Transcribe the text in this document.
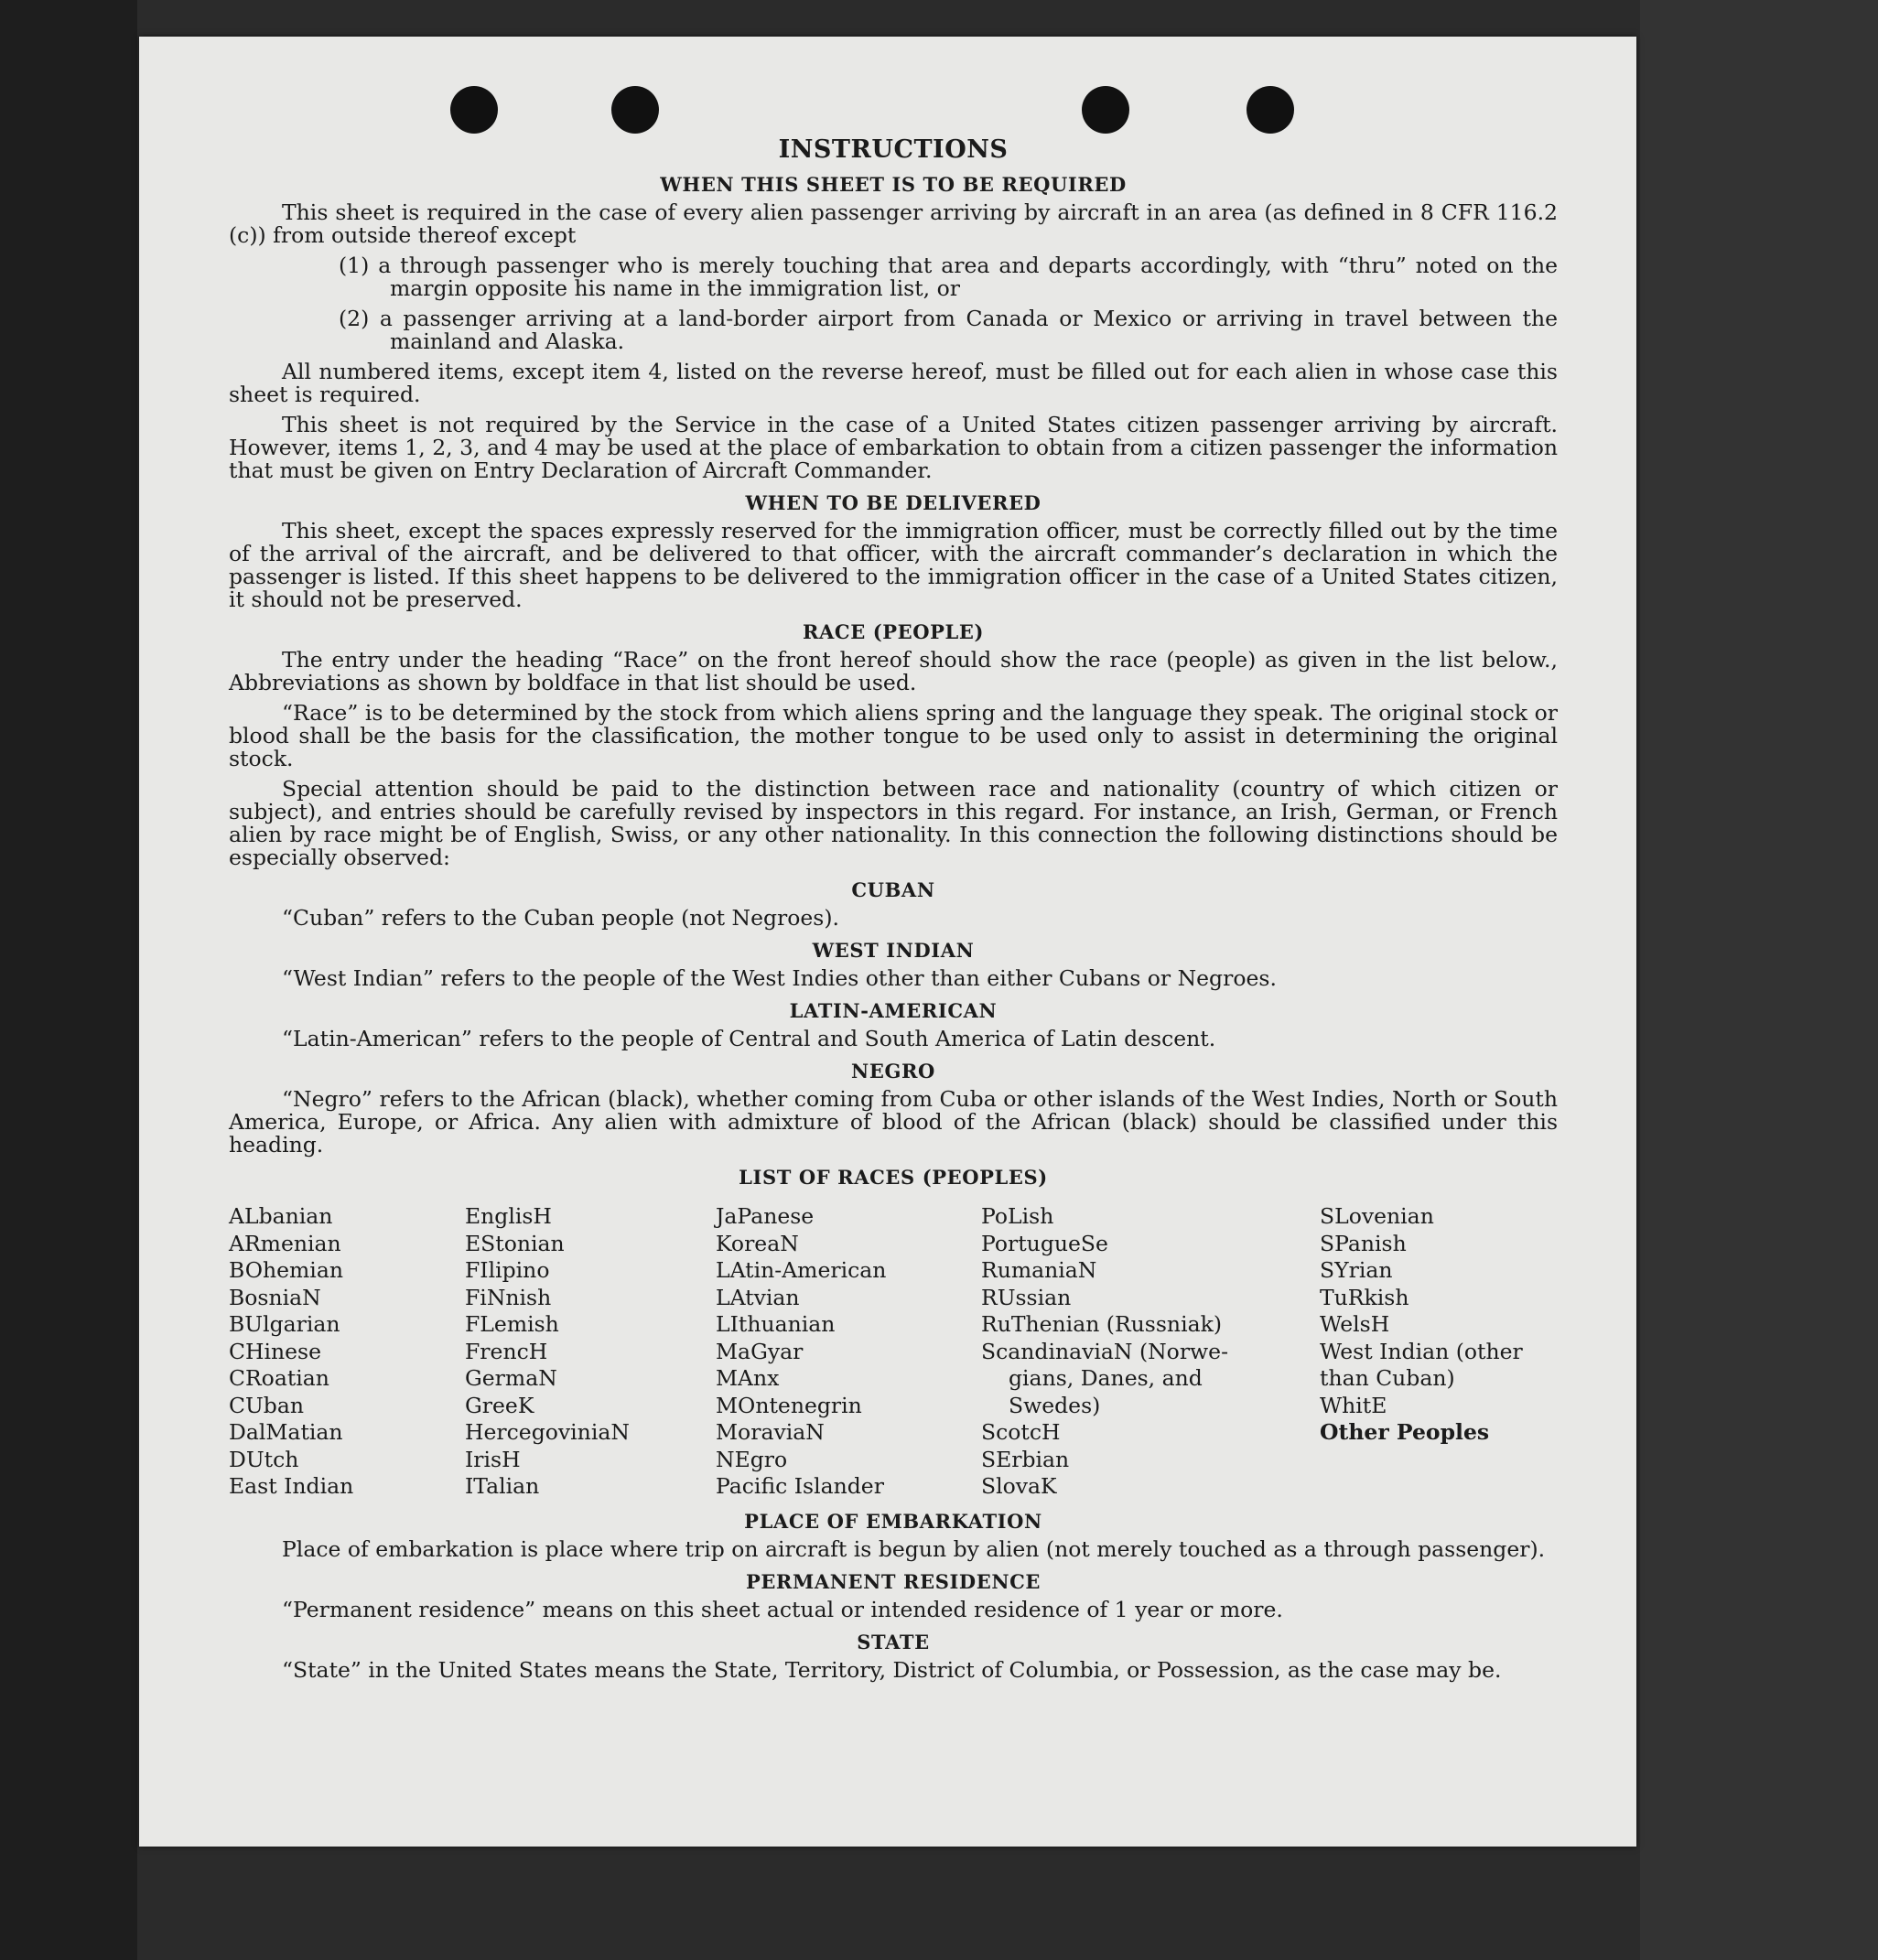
INSTRUCTIONS
WHEN THIS SHEET IS TO BE REQUIRED

This sheet is required in the case of every alien passenger arriving by aircraft in an area (as defined in 8 CFR 116.2 (c)) from outside thereof except

(1) a through passenger who is merely touching that area and departs accordingly, with “thru” noted on the margin opposite his name in the immigration list, or
(2) a passenger arriving at a land-border airport from Canada or Mexico or arriving in travel between the mainland and Alaska.

All numbered items, except item 4, listed on the reverse hereof, must be filled out for each alien in whose case this sheet is required.

This sheet is not required by the Service in the case of a United States citizen passenger arriving by aircraft. However, items 1, 2, 3, and 4 may be used at the place of embarkation to obtain from a citizen passenger the information that must be given on Entry Declaration of Aircraft Commander.

WHEN TO BE DELIVERED

This sheet, except the spaces expressly reserved for the immigration officer, must be correctly filled out by the time of the arrival of the aircraft, and be delivered to that officer, with the aircraft commander’s declaration in which the passenger is listed. If this sheet happens to be delivered to the immigration officer in the case of a United States citizen, it should not be preserved.

RACE (PEOPLE)

The entry under the heading “Race” on the front hereof should show the race (people) as given in the list below., Abbreviations as shown by boldface in that list should be used.

“Race” is to be determined by the stock from which aliens spring and the language they speak. The original stock or blood shall be the basis for the classification, the mother tongue to be used only to assist in determining the original stock.

Special attention should be paid to the distinction between race and nationality (country of which citizen or subject), and entries should be carefully revised by inspectors in this regard. For instance, an Irish, German, or French alien by race might be of English, Swiss, or any other nationality. In this connection the following distinctions should be especially observed:

CUBAN

“Cuban” refers to the Cuban people (not Negroes).

WEST INDIAN

“West Indian” refers to the people of the West Indies other than either Cubans or Negroes.

LATIN-AMERICAN

“Latin-American” refers to the people of Central and South America of Latin descent.

NEGRO

“Negro” refers to the African (black), whether coming from Cuba or other islands of the West Indies, North or South America, Europe, or Africa. Any alien with admixture of blood of the African (black) should be classified under this heading.

LIST OF RACES (PEOPLES)
ALbanian
ARmenian
BOhemian
BosniaN
BUlgarian
CHinese
CRoatian
CUban
DalMatian
DUtch
East Indian
EnglisH
EStonian
FIlipino
FiNnish
FLemish
FrencH
GermaN
GreeK
HercegoviniaN
IrisH
ITalian
JaPanese
KoreaN
LAtin-American
LAtvian
LIthuanian
MaGyar
MAnx
MOntenegrin
MoraviaN
NEgro
Pacific Islander
PoLish
PortugueSe
RumaniaN
RUssian
RuThenian (Russniak)
ScandinaviaN (Norwe-
gians, Danes, and
Swedes)
ScotcH
SErbian
SlovaK
SLovenian
SPanish
SYrian
TuRkish
WelsH
West Indian (other
than Cuban)
WhitE
Other Peoples
PLACE OF EMBARKATION

Place of embarkation is place where trip on aircraft is begun by alien (not merely touched as a through passenger).

PERMANENT RESIDENCE

“Permanent residence” means on this sheet actual or intended residence of 1 year or more.

STATE

“State” in the United States means the State, Territory, District of Columbia, or Possession, as the case may be.
